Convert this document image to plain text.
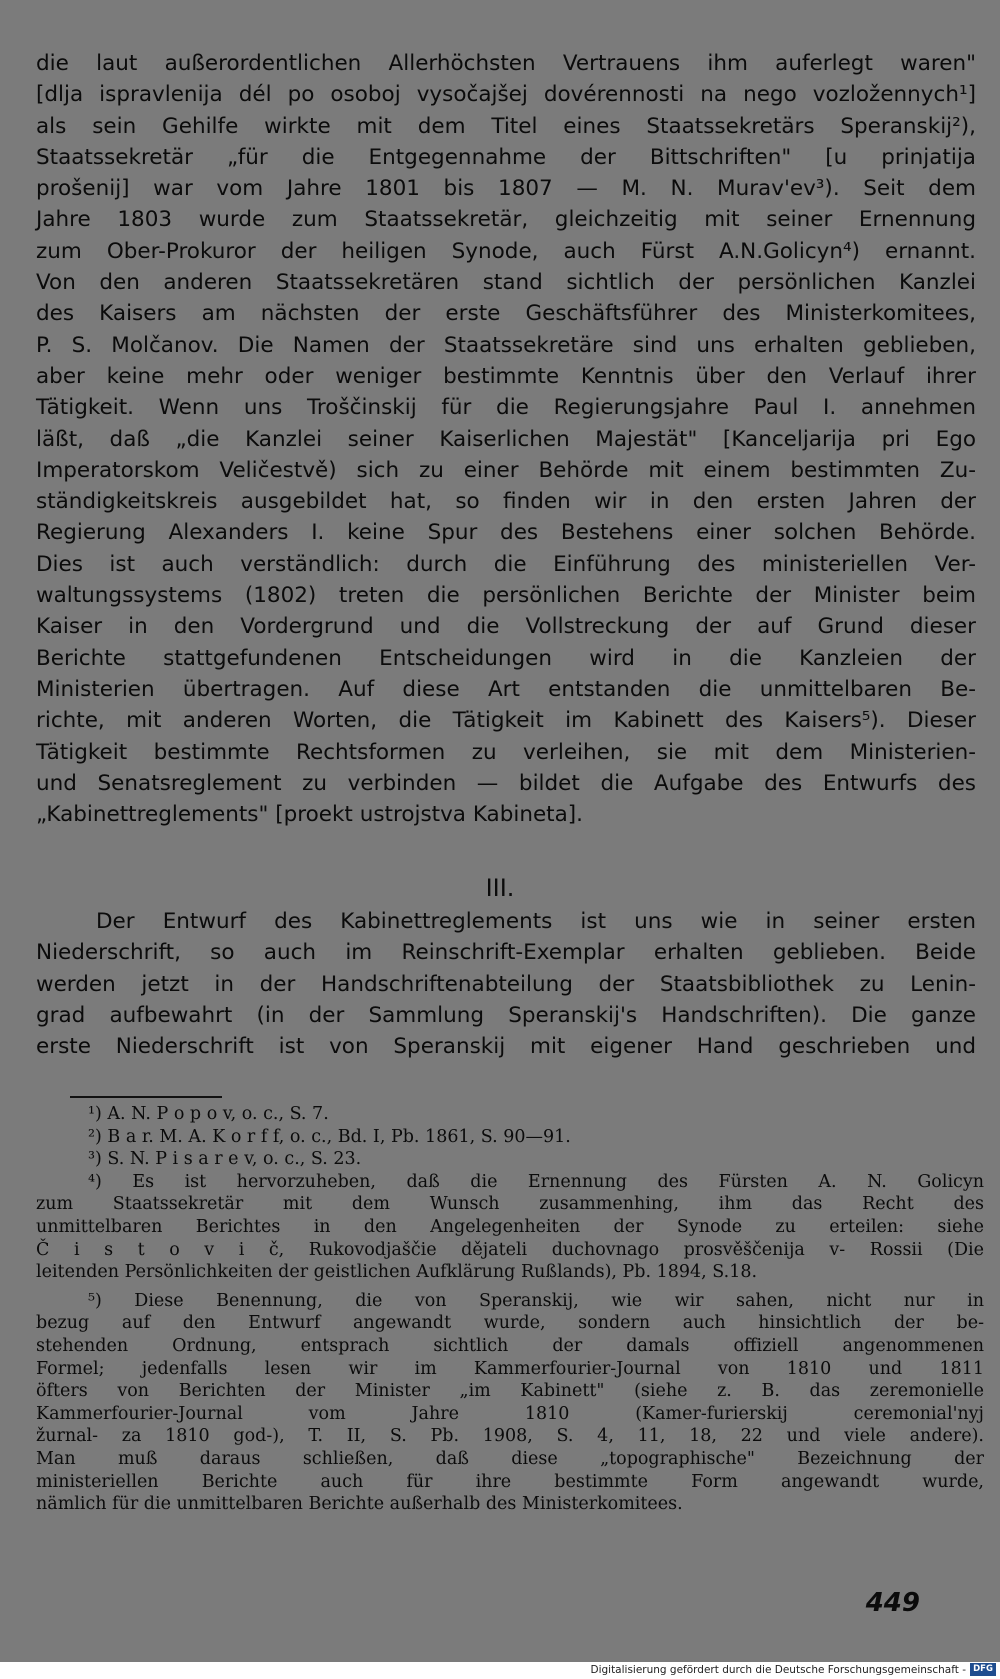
die laut außerordentlichen Allerhöchsten Vertrauens ihm auferlegt waren"
[dlja ispravlenija dél po osoboj vysočajšej dovérennosti na nego vozložennych¹]
als sein Gehilfe wirkte mit dem Titel eines Staatssekretärs Speranskij²),
Staatssekretär „für die Entgegennahme der Bittschriften" [u prinjatija
prošenij] war vom Jahre 1801 bis 1807 — M. N. Murav'ev³). Seit dem
Jahre 1803 wurde zum Staatssekretär, gleichzeitig mit seiner Ernennung
zum Ober-Prokuror der heiligen Synode, auch Fürst A.N.Golicyn⁴) ernannt.
Von den anderen Staatssekretären stand sichtlich der persönlichen Kanzlei
des Kaisers am nächsten der erste Geschäftsführer des Ministerkomitees,
P. S. Molčanov. Die Namen der Staatssekretäre sind uns erhalten geblieben,
aber keine mehr oder weniger bestimmte Kenntnis über den Verlauf ihrer
Tätigkeit. Wenn uns Troščinskij für die Regierungsjahre Paul I. annehmen
läßt, daß „die Kanzlei seiner Kaiserlichen Majestät" [Kanceljarija pri Ego
Imperatorskom Veličestvě) sich zu einer Behörde mit einem bestimmten Zu-
ständigkeitskreis ausgebildet hat, so finden wir in den ersten Jahren der
Regierung Alexanders I. keine Spur des Bestehens einer solchen Behörde.
Dies ist auch verständlich: durch die Einführung des ministeriellen Ver-
waltungssystems (1802) treten die persönlichen Berichte der Minister beim
Kaiser in den Vordergrund und die Vollstreckung der auf Grund dieser
Berichte stattgefundenen Entscheidungen wird in die Kanzleien der
Ministerien übertragen. Auf diese Art entstanden die unmittelbaren Be-
richte, mit anderen Worten, die Tätigkeit im Kabinett des Kaisers⁵). Dieser
Tätigkeit bestimmte Rechtsformen zu verleihen, sie mit dem Ministerien-
und Senatsreglement zu verbinden — bildet die Aufgabe des Entwurfs des
„Kabinettreglements" [proekt ustrojstva Kabineta].
III.
Der Entwurf des Kabinettreglements ist uns wie in seiner ersten
Niederschrift, so auch im Reinschrift-Exemplar erhalten geblieben. Beide
werden jetzt in der Handschriftenabteilung der Staatsbibliothek zu Lenin-
grad aufbewahrt (in der Sammlung Speranskij's Handschriften). Die ganze
erste Niederschrift ist von Speranskij mit eigener Hand geschrieben und
¹) A. N. P o p o v, o. c., S. 7.
²) B a r. M. A. K o r f f, o. c., Bd. I, Pb. 1861, S. 90—91.
³) S. N. P i s a r e v, o. c., S. 23.
⁴) Es ist hervorzuheben, daß die Ernennung des Fürsten A. N. Golicyn
zum Staatssekretär mit dem Wunsch zusammenhing, ihm das Recht des
unmittelbaren Berichtes in den Angelegenheiten der Synode zu erteilen: siehe
Č i s t o v i č, Rukovodjaščie dějateli duchovnago prosvěščenija v- Rossii (Die
leitenden Persönlichkeiten der geistlichen Aufklärung Rußlands), Pb. 1894, S.18.
⁵) Diese Benennung, die von Speranskij, wie wir sahen, nicht nur in
bezug auf den Entwurf angewandt wurde, sondern auch hinsichtlich der be-
stehenden Ordnung, entsprach sichtlich der damals offiziell angenommenen
Formel; jedenfalls lesen wir im Kammerfourier-Journal von 1810 und 1811
öfters von Berichten der Minister „im Kabinett" (siehe z. B. das zeremonielle
Kammerfourier-Journal vom Jahre 1810 (Kamer-furierskij ceremonial'nyj
žurnal- za 1810 god-), T. II, S. Pb. 1908, S. 4, 11, 18, 22 und viele andere).
Man muß daraus schließen, daß diese „topographische" Bezeichnung der
ministeriellen Berichte auch für ihre bestimmte Form angewandt wurde,
nämlich für die unmittelbaren Berichte außerhalb des Ministerkomitees.
449
Digitalisierung gefördert durch die Deutsche Forschungsgemeinschaft - DFG
